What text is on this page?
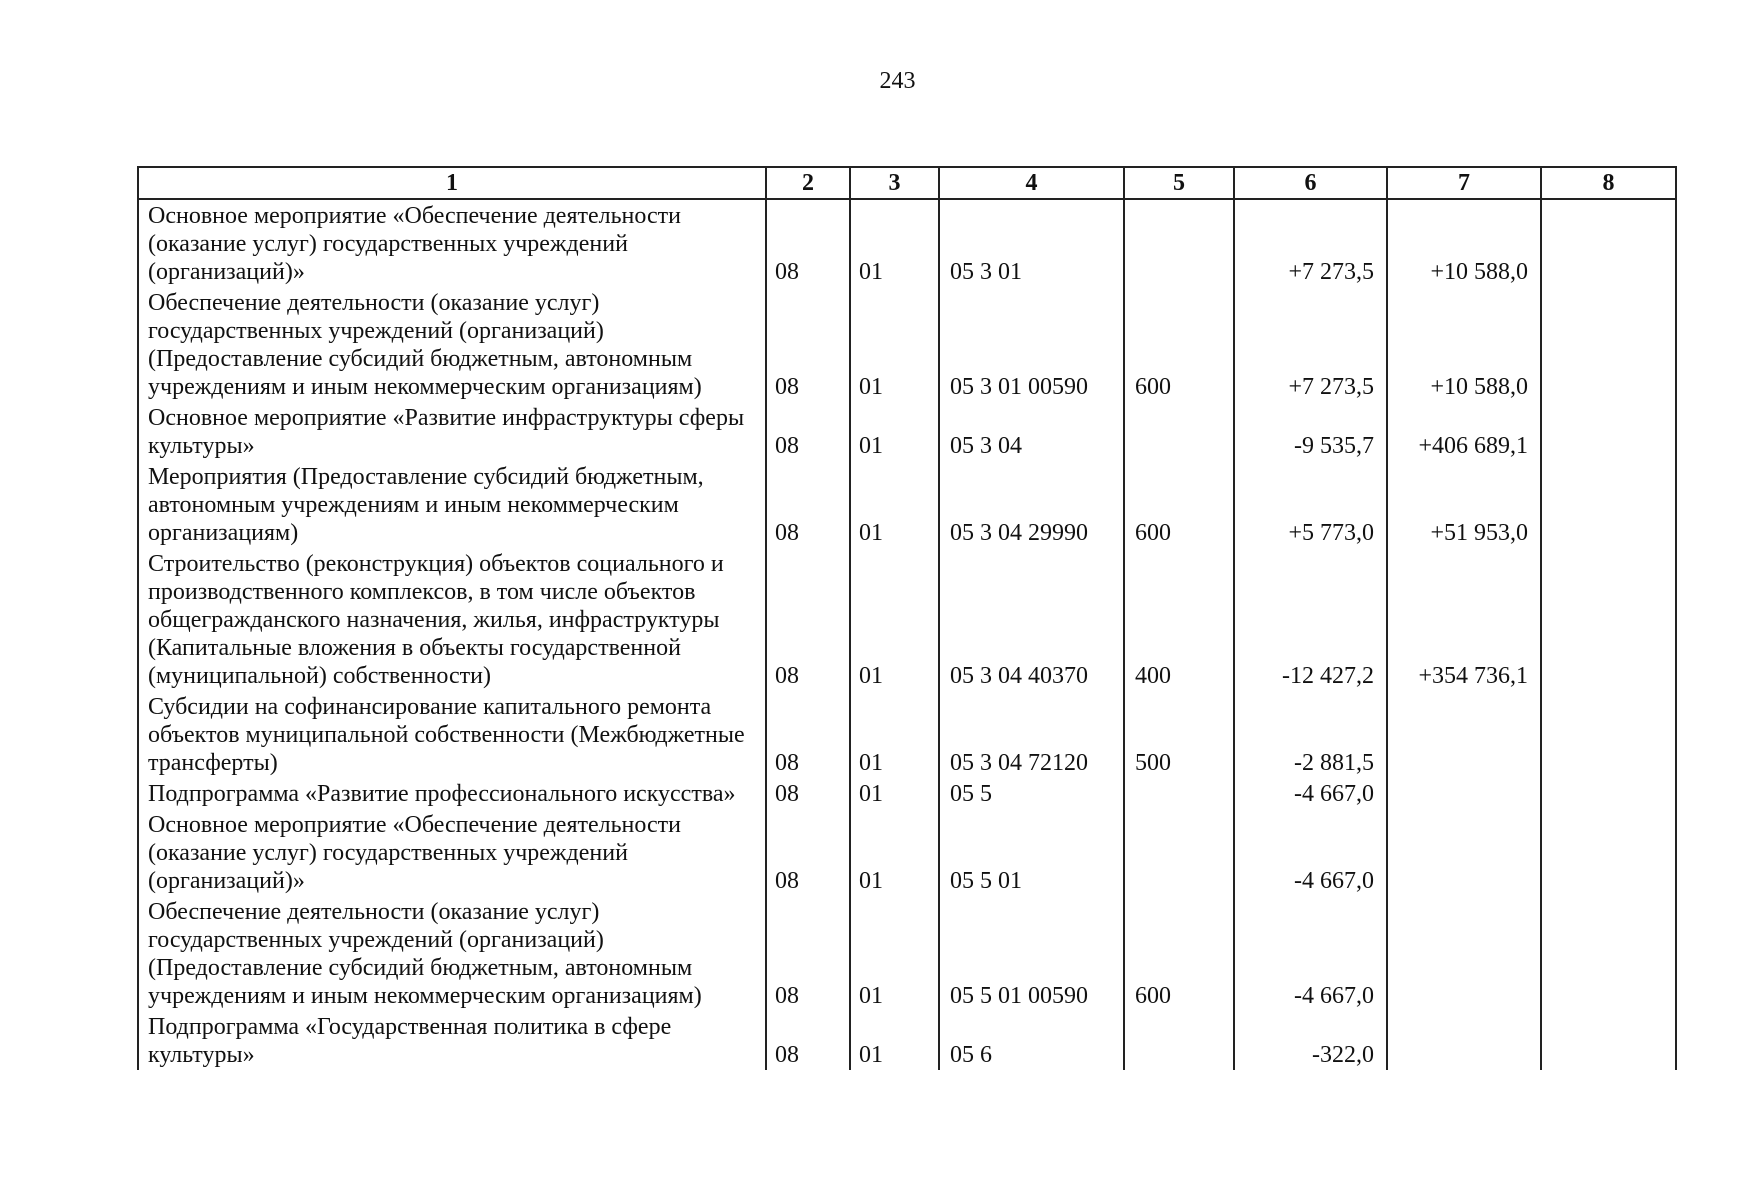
243
1	2	3	4	5	6	7	8
Основное мероприятие «Обеспечение деятельности (оказание услуг) государственных учреждений (организаций)»	08	01	05 3 01		+7 273,5	+10 588,0	
Обеспечение деятельности (оказание услуг) государственных учреждений (организаций) (Предоставление субсидий бюджетным, автономным учреждениям и иным некоммерческим организациям)	08	01	05 3 01 00590	600	+7 273,5	+10 588,0	
Основное мероприятие «Развитие инфраструктуры сферы культуры»	08	01	05 3 04		-9 535,7	+406 689,1	
Мероприятия (Предоставление субсидий бюджетным, автономным учреждениям и иным некоммерческим организациям)	08	01	05 3 04 29990	600	+5 773,0	+51 953,0	
Строительство (реконструкция) объектов социального и производственного комплексов, в том числе объектов общегражданского назначения, жилья, инфраструктуры (Капитальные вложения в объекты государственной (муниципальной) собственности)	08	01	05 3 04 40370	400	-12 427,2	+354 736,1	
Субсидии на софинансирование капитального ремонта объектов муниципальной собственности (Межбюджетные трансферты)	08	01	05 3 04 72120	500	-2 881,5		
Подпрограмма «Развитие профессионального искусства»	08	01	05 5		-4 667,0		
Основное мероприятие «Обеспечение деятельности (оказание услуг) государственных учреждений (организаций)»	08	01	05 5 01		-4 667,0		
Обеспечение деятельности (оказание услуг) государственных учреждений (организаций) (Предоставление субсидий бюджетным, автономным учреждениям и иным некоммерческим организациям)	08	01	05 5 01 00590	600	-4 667,0		
Подпрограмма «Государственная политика в сфере культуры»	08	01	05 6		-322,0		
